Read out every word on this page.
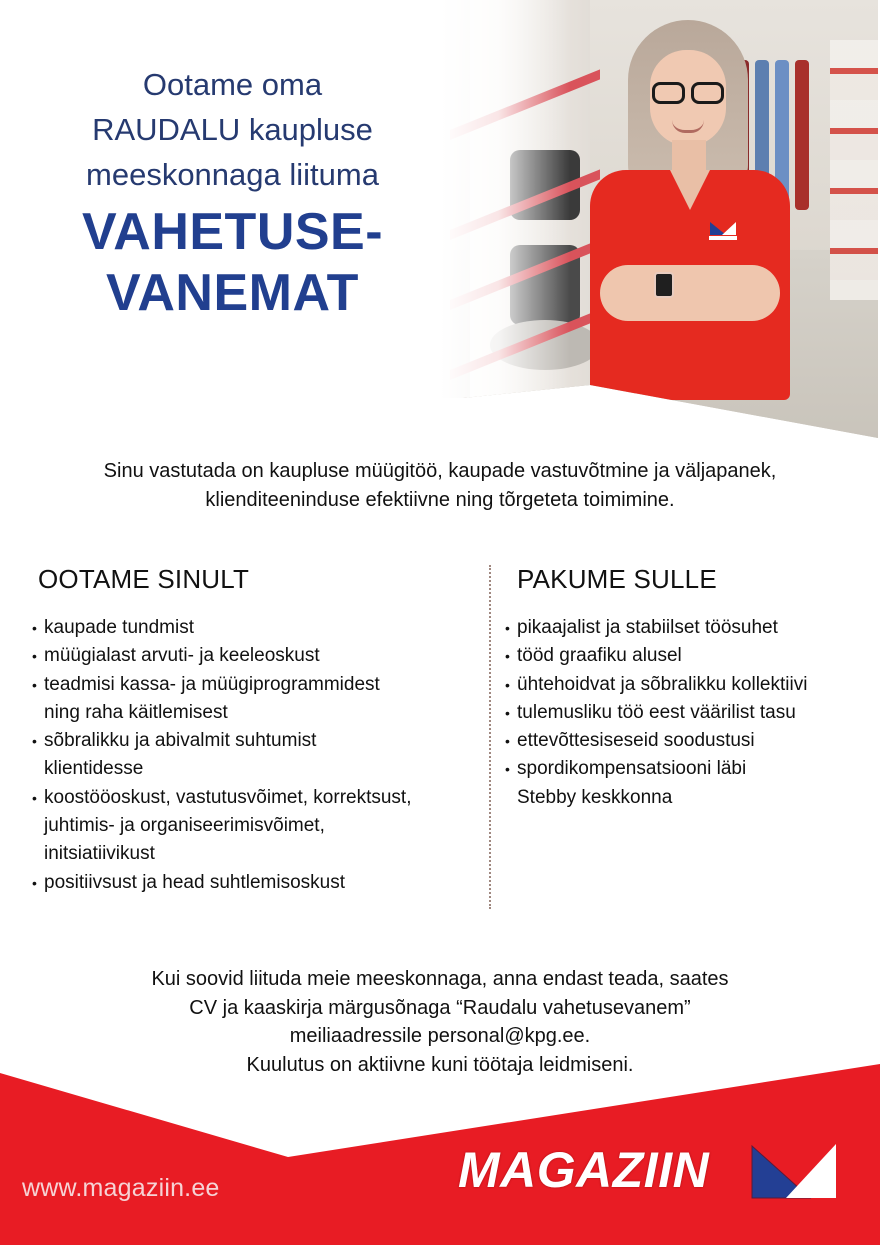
Ootame oma
RAUDALU kaupluse
meeskonnaga liituma
VAHETUSE-
VANEMAT
Sinu vastutada on kaupluse müügitöö, kaupade vastuvõtmine ja väljapanek,
klienditeeninduse efektiivne ning tõrgeteta toimimine.
OOTAME SINULT
• kaupade tundmist
• müügialast arvuti- ja keeleoskust
• teadmisi kassa- ja müügiprogrammidest
ning raha käitlemisest
• sõbralikku ja abivalmit suhtumist
klientidesse
• koostööoskust, vastutusvõimet, korrektsust,
juhtimis- ja organiseerimisvõimet,
initsiatiivikust
• positiivsust ja head suhtlemisoskust
PAKUME SULLE
• pikaajalist ja stabiilset töösuhet
• tööd graafiku alusel
• ühtehoidvat ja sõbralikku kollektiivi
• tulemusliku töö eest väärilist tasu
• ettevõttesiseseid soodustusi
• spordikompensatsiooni läbi
Stebby keskkonna
Kui soovid liituda meie meeskonnaga, anna endast teada, saates
CV ja kaaskirja märgusõnaga “Raudalu vahetusevanem”
meiliaadressile personal@kpg.ee.
Kuulutus on aktiivne kuni töötaja leidmiseni.
www.magaziin.ee	MAGAZIIN
